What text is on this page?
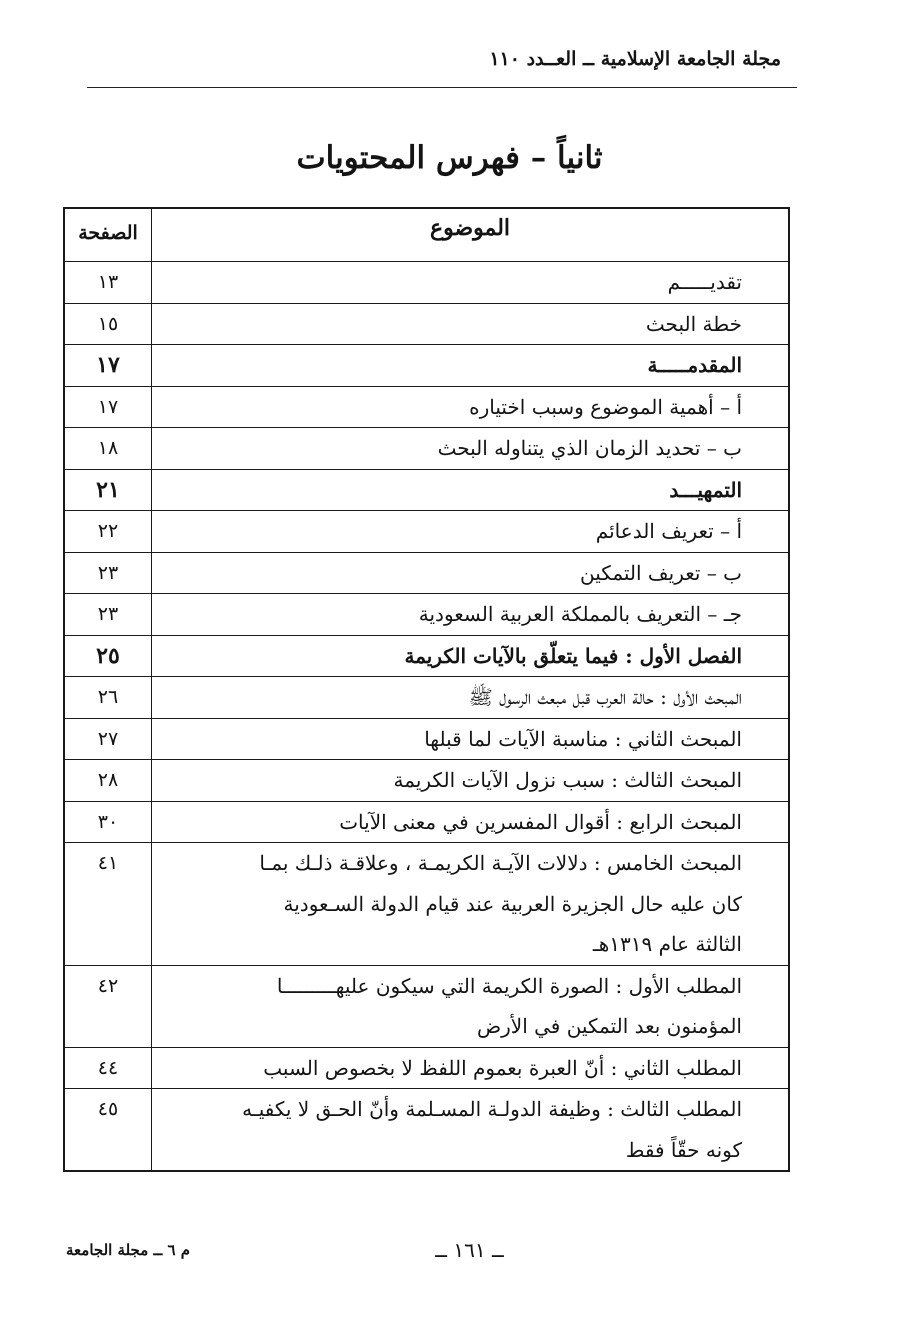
مجلة الجامعة الإسلامية ــ العــدد ١١٠
ثانياً – فهرس المحتويات
الموضوع	الصفحة

تقديـــــم	١٣

خطة البحث	١٥

المقدمـــــة	١٧

أ – أهمية الموضوع وسبب اختياره	١٧

ب – تحديد الزمان الذي يتناوله البحث	١٨

التمهيـــد	٢١

أ – تعريف الدعائم	٢٢

ب – تعريف التمكين	٢٣

جـ – التعريف بالمملكة العربية السعودية	٢٣

الفصل الأول : فيما يتعلّق بالآيات الكريمة	٢٥

المبحث الأول : حالة العرب قبل مبعث الرسول ﷺ	٢٦

المبحث الثاني : مناسبة الآيات لما قبلها	٢٧

المبحث الثالث : سبب نزول الآيات الكريمة	٢٨

المبحث الرابع : أقوال المفسرين في معنى الآيات	٣٠

المبحث الخامس : دلالات الآيـة الكريمـة ، وعلاقـة ذلـك بمـا
كان عليه حال الجزيرة العربية عند قيام الدولة السـعودية
الثالثة عام ١٣١٩هـ	٤١

المطلب الأول : الصورة الكريمة التي سيكون عليهـــــــــا
المؤمنون بعد التمكين في الأرض	٤٢

المطلب الثاني : أنّ العبرة بعموم اللفظ لا بخصوص السبب	٤٤

المطلب الثالث : وظيفة الدولـة المسـلمة وأنّ الحـق لا يكفيـه
كونه حقّاً فقط	٤٥
ــ ١٦١ ــ
م ٦ ــ مجلة الجامعة
